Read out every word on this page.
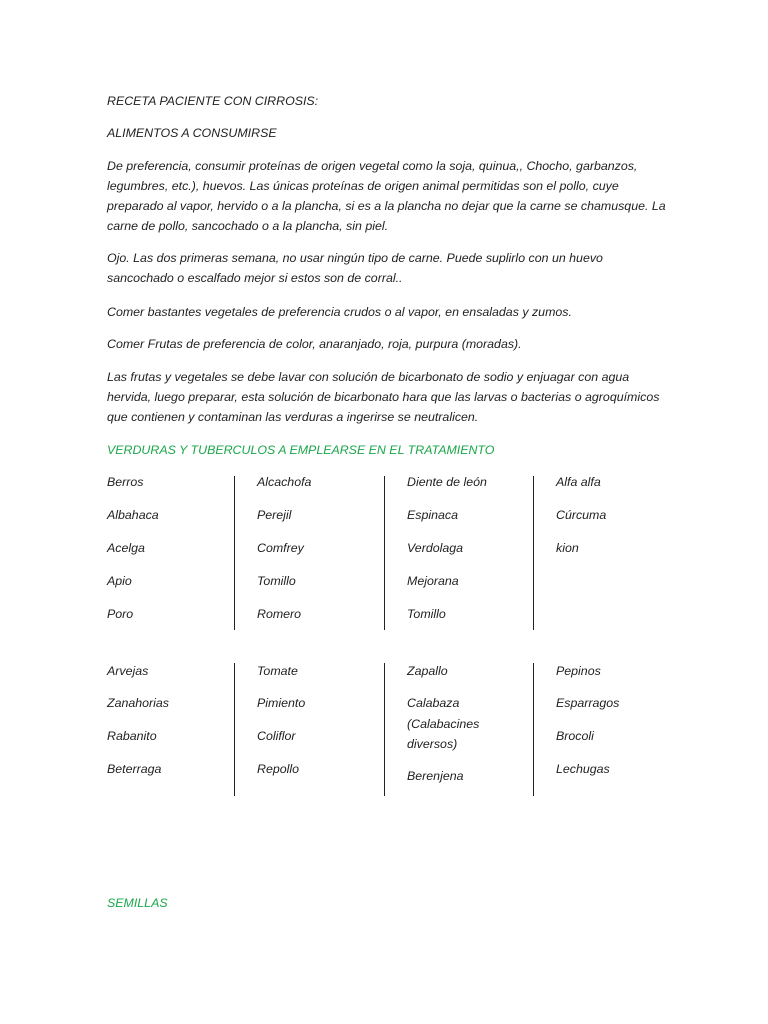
RECETA PACIENTE CON CIRROSIS:
ALIMENTOS A CONSUMIRSE
De preferencia, consumir proteínas de origen vegetal como la soja, quinua,, Chocho, garbanzos, legumbres, etc.), huevos. Las únicas proteínas de origen animal permitidas son el pollo, cuye preparado al vapor, hervido o a la plancha, si es a la plancha no dejar que la carne se chamusque. La carne de pollo, sancochado o a la plancha, sin piel.
Ojo. Las dos primeras semana, no usar ningún tipo de carne. Puede suplirlo con un huevo sancochado o escalfado mejor si estos son de corral..
Comer bastantes vegetales de preferencia crudos o al vapor, en ensaladas y zumos.
Comer Frutas de preferencia de color, anaranjado, roja, purpura (moradas).
Las frutas y vegetales se debe lavar con solución de bicarbonato de sodio y enjuagar con agua hervida, luego preparar, esta solución de bicarbonato hara que las larvas o bacterias o agroquímicos que contienen y contaminan las verduras a ingerirse se neutralicen.
VERDURAS Y TUBERCULOS A EMPLEARSE EN EL TRATAMIENTO
Berros
Albahaca
Acelga
Apio
Poro
Alcachofa
Perejil
Comfrey
Tomillo
Romero
Diente de león
Espinaca
Verdolaga
Mejorana
Tomillo
Alfa alfa
Cúrcuma
kion
Arvejas
Zanahorias
Rabanito
Beterraga
Tomate
Pimiento
Coliflor
Repollo
Zapallo
Calabaza
(Calabacines
diversos)
Berenjena
Pepinos
Esparragos
Brocoli
Lechugas
SEMILLAS
